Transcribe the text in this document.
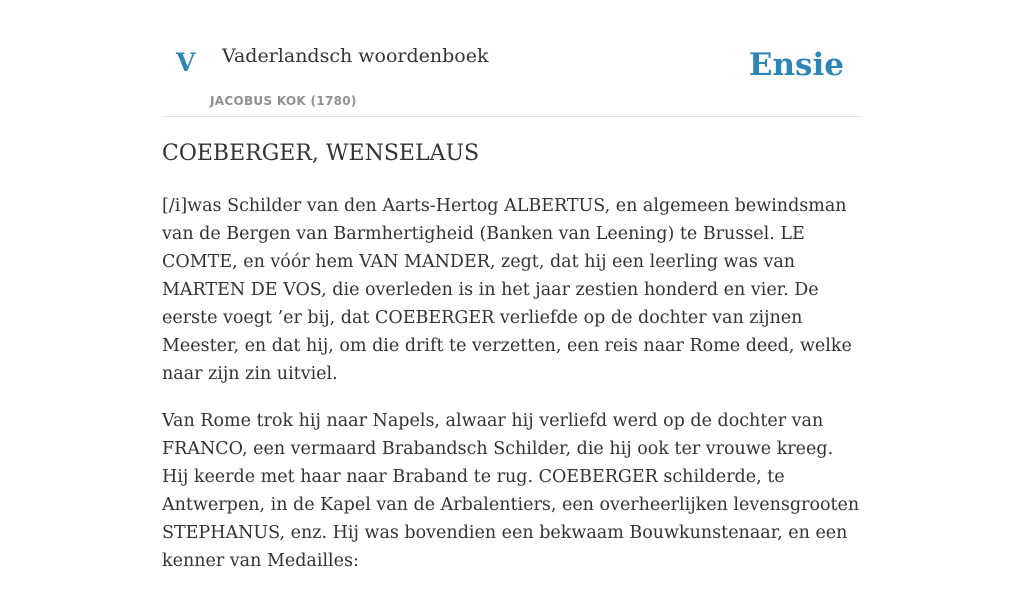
V Vaderlandsch woordenboek
JACOBUS KOK (1780)
Ensie
COEBERGER, WENSELAUS

[/i]was Schilder van den Aarts-Hertog ALBERTUS, en algemeen bewindsman van de Bergen van Barmhertigheid (Banken van Leening) te Brussel. LE COMTE, en vóór hem VAN MANDER, zegt, dat hij een leerling was van MARTEN DE VOS, die overleden is in het jaar zestien honderd en vier. De eerste voegt ’er bij, dat COEBERGER verliefde op de dochter van zijnen Meester, en dat hij, om die drift te verzetten, een reis naar Rome deed, welke naar zijn zin uitviel.

Van Rome trok hij naar Napels, alwaar hij verliefd werd op de dochter van FRANCO, een vermaard Brabandsch Schilder, die hij ook ter vrouwe kreeg. Hij keerde met haar naar Braband te rug. COEBERGER schilderde, te Antwerpen, in de Kapel van de Arbalentiers, een overheerlijken levensgrooten STEPHANUS, enz. Hij was bovendien een bekwaam Bouwkunstenaar, en een kenner van Medailles:
